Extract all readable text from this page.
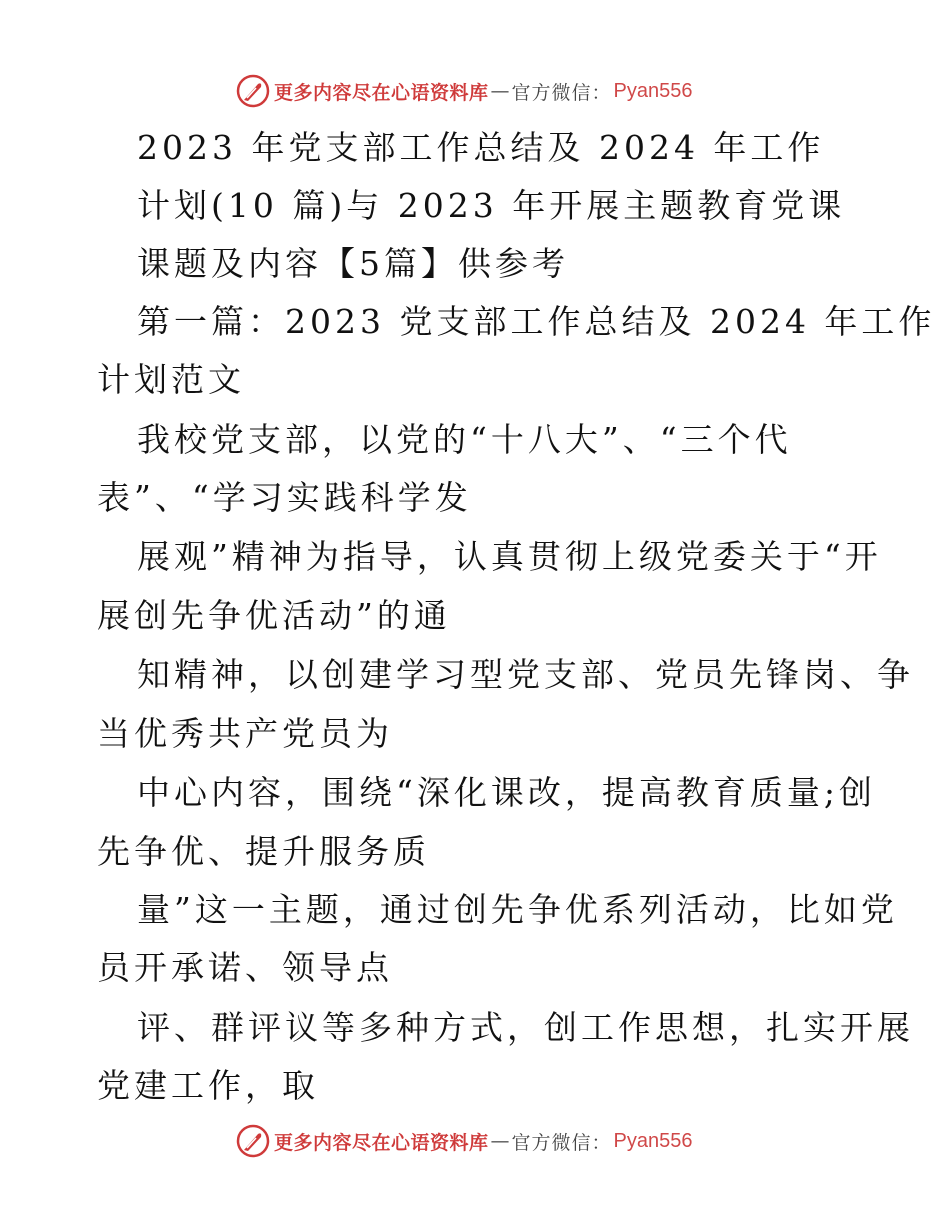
更多内容尽在心语资料库 — 官方微信： Pyan556
2023 年党支部工作总结及 2024 年工作
计划(10 篇)与 2023 年开展主题教育党课
课题及内容【5篇】供参考
第一篇：2023 党支部工作总结及 2024 年工作
计划范文
我校党支部，以党的“十八大”、“三个代
表”、“学习实践科学发
展观”精神为指导，认真贯彻上级党委关于“开
展创先争优活动”的通
知精神，以创建学习型党支部、党员先锋岗、争
当优秀共产党员为
中心内容，围绕“深化课改，提高教育质量;创
先争优、提升服务质
量”这一主题，通过创先争优系列活动，比如党
员开承诺、领导点
评、群评议等多种方式，创工作思想，扎实开展
党建工作，取
更多内容尽在心语资料库 — 官方微信： Pyan556
